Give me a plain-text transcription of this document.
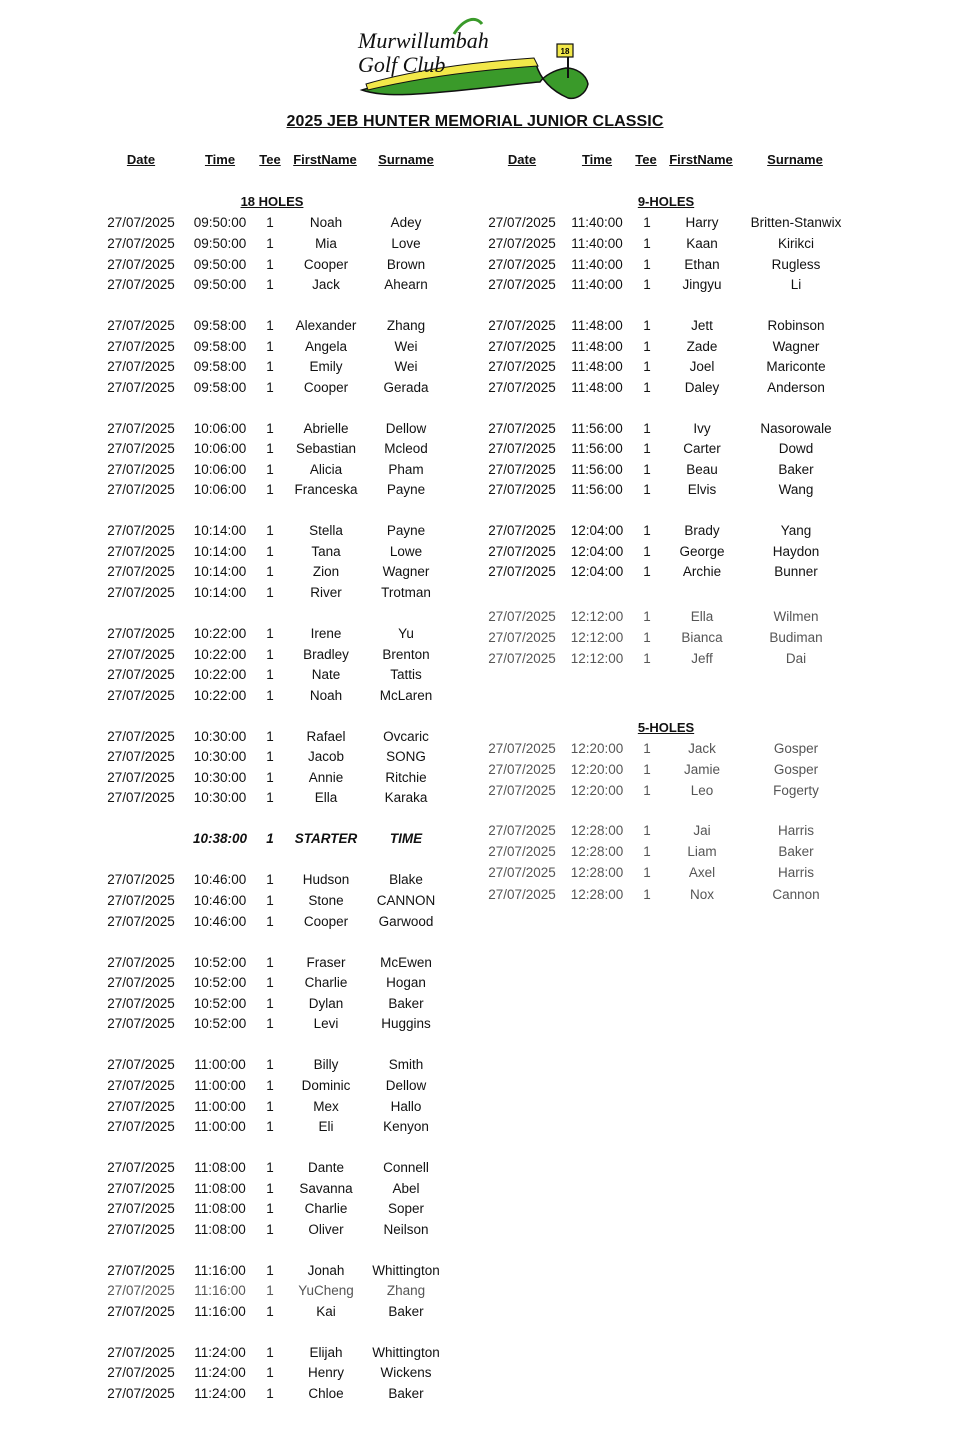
18
Murwillumbah
Golf Club
2025 JEB HUNTER MEMORIAL JUNIOR CLASSIC
Date	Time	Tee FirstName	Surname	Date	Time	Tee FirstName	Surname
18 HOLES	9-HOLES
5-HOLES
27/07/2025	09:50:00	1	Noah	Adey
27/07/2025	09:50:00	1	Mia	Love
27/07/2025	09:50:00	1	Cooper	Brown
27/07/2025	09:50:00	1	Jack	Ahearn
27/07/2025	09:58:00	1	Alexander	Zhang
27/07/2025	09:58:00	1	Angela	Wei
27/07/2025	09:58:00	1	Emily	Wei
27/07/2025	09:58:00	1	Cooper	Gerada
27/07/2025	10:06:00	1	Abrielle	Dellow
27/07/2025	10:06:00	1	Sebastian	Mcleod
27/07/2025	10:06:00	1	Alicia	Pham
27/07/2025	10:06:00	1	Franceska	Payne
27/07/2025	10:14:00	1	Stella	Payne
27/07/2025	10:14:00	1	Tana	Lowe
27/07/2025	10:14:00	1	Zion	Wagner
27/07/2025	10:14:00	1	River	Trotman
27/07/2025	10:22:00	1	Irene	Yu
27/07/2025	10:22:00	1	Bradley	Brenton
27/07/2025	10:22:00	1	Nate	Tattis
27/07/2025	10:22:00	1	Noah	McLaren
27/07/2025	10:30:00	1	Rafael	Ovcaric
27/07/2025	10:30:00	1	Jacob	SONG
27/07/2025	10:30:00	1	Annie	Ritchie
27/07/2025	10:30:00	1	Ella	Karaka
10:38:00	1	STARTER	TIME
27/07/2025	10:46:00	1	Hudson	Blake
27/07/2025	10:46:00	1	Stone	CANNON
27/07/2025	10:46:00	1	Cooper	Garwood
27/07/2025	10:52:00	1	Fraser	McEwen
27/07/2025	10:52:00	1	Charlie	Hogan
27/07/2025	10:52:00	1	Dylan	Baker
27/07/2025	10:52:00	1	Levi	Huggins
27/07/2025	11:00:00	1	Billy	Smith
27/07/2025	11:00:00	1	Dominic	Dellow
27/07/2025	11:00:00	1	Mex	Hallo
27/07/2025	11:00:00	1	Eli	Kenyon
27/07/2025	11:08:00	1	Dante	Connell
27/07/2025	11:08:00	1	Savanna	Abel
27/07/2025	11:08:00	1	Charlie	Soper
27/07/2025	11:08:00	1	Oliver	Neilson
27/07/2025	11:16:00	1	Jonah	Whittington
27/07/2025	11:16:00	1	YuCheng	Zhang
27/07/2025	11:16:00	1	Kai	Baker
27/07/2025	11:24:00	1	Elijah	Whittington
27/07/2025	11:24:00	1	Henry	Wickens
27/07/2025	11:24:00	1	Chloe	Baker
27/07/2025	11:40:00	1	Harry	Britten-Stanwix
27/07/2025	11:40:00	1	Kaan	Kirikci
27/07/2025	11:40:00	1	Ethan	Rugless
27/07/2025	11:40:00	1	Jingyu	Li
27/07/2025	11:48:00	1	Jett	Robinson
27/07/2025	11:48:00	1	Zade	Wagner
27/07/2025	11:48:00	1	Joel	Mariconte
27/07/2025	11:48:00	1	Daley	Anderson
27/07/2025	11:56:00	1	Ivy	Nasorowale
27/07/2025	11:56:00	1	Carter	Dowd
27/07/2025	11:56:00	1	Beau	Baker
27/07/2025	11:56:00	1	Elvis	Wang
27/07/2025	12:04:00	1	Brady	Yang
27/07/2025	12:04:00	1	George	Haydon
27/07/2025	12:04:00	1	Archie	Bunner
27/07/2025	12:12:00	1	Ella	Wilmen
27/07/2025	12:12:00	1	Bianca	Budiman
27/07/2025	12:12:00	1	Jeff	Dai
27/07/2025	12:20:00	1	Jack	Gosper
27/07/2025	12:20:00	1	Jamie	Gosper
27/07/2025	12:20:00	1	Leo	Fogerty
27/07/2025	12:28:00	1	Jai	Harris
27/07/2025	12:28:00	1	Liam	Baker
27/07/2025	12:28:00	1	Axel	Harris
27/07/2025	12:28:00	1	Nox	Cannon
